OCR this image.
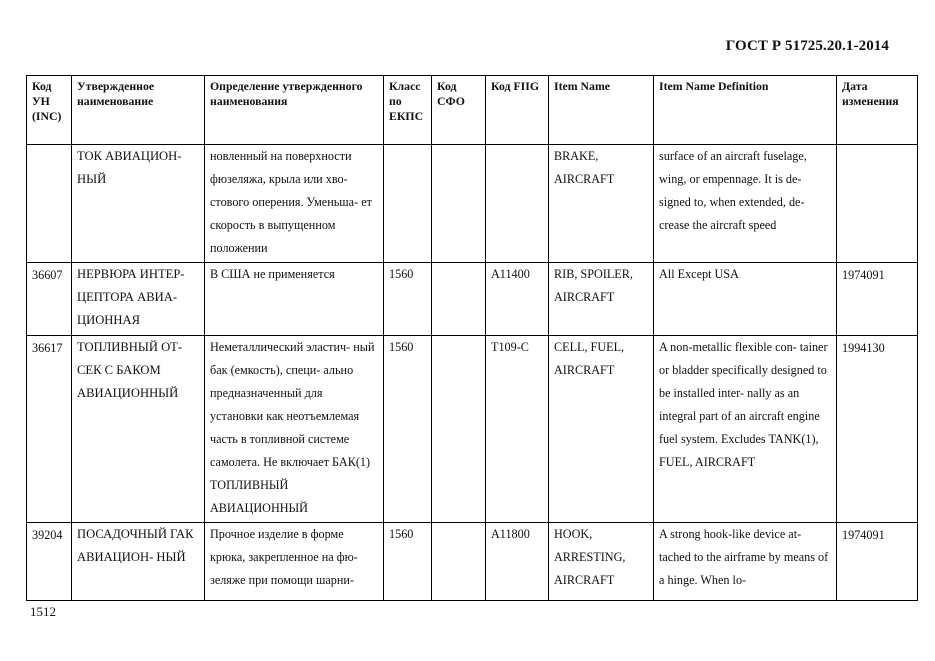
ГОСТ Р 51725.20.1-2014
Код УН (INC)	Утвержденное наименование	Определение утвержденного наименования	Класс по ЕКПС	Код СФО	Код FIIG	Item Name	Item Name Definition	Дата изменения
	ТОК АВИАЦИОН- НЫЙ	новленный на поверхности фюзеляжа, крыла или хво- стового оперения. Уменьша- ет скорость в выпущенном положении				BRAKE, AIRCRAFT	surface of an aircraft fuselage, wing, or empennage. It is de- signed to, when extended, de- crease the aircraft speed	
36607	НЕРВЮРА ИНТЕР- ЦЕПТОРА АВИА- ЦИОННАЯ	В США не применяется	1560		A11400	RIB, SPOILER, AIRCRAFT	All Except USA	1974091
36617	ТОПЛИВНЫЙ ОТ- СЕК С БАКОМ АВИАЦИОННЫЙ	Неметаллический эластич- ный бак (емкость), специ- ально предназначенный для установки как неотъемлемая часть в топливной системе самолета. Не включает БАК(1) ТОПЛИВНЫЙ АВИАЦИОННЫЙ	1560		T109-C	CELL, FUEL, AIRCRAFT	A non-metallic flexible con- tainer or bladder specifically designed to be installed inter- nally as an integral part of an aircraft engine fuel system. Excludes TANK(1), FUEL, AIRCRAFT	1994130
39204	ПОСАДОЧНЫЙ ГАК АВИАЦИОН- НЫЙ	Прочное изделие в форме крюка, закрепленное на фю- зеляже при помощи шарни-	1560		A11800	HOOK, ARRESTING, AIRCRAFT	A strong hook-like device at- tached to the airframe by means of a hinge. When lo-	1974091
1512
